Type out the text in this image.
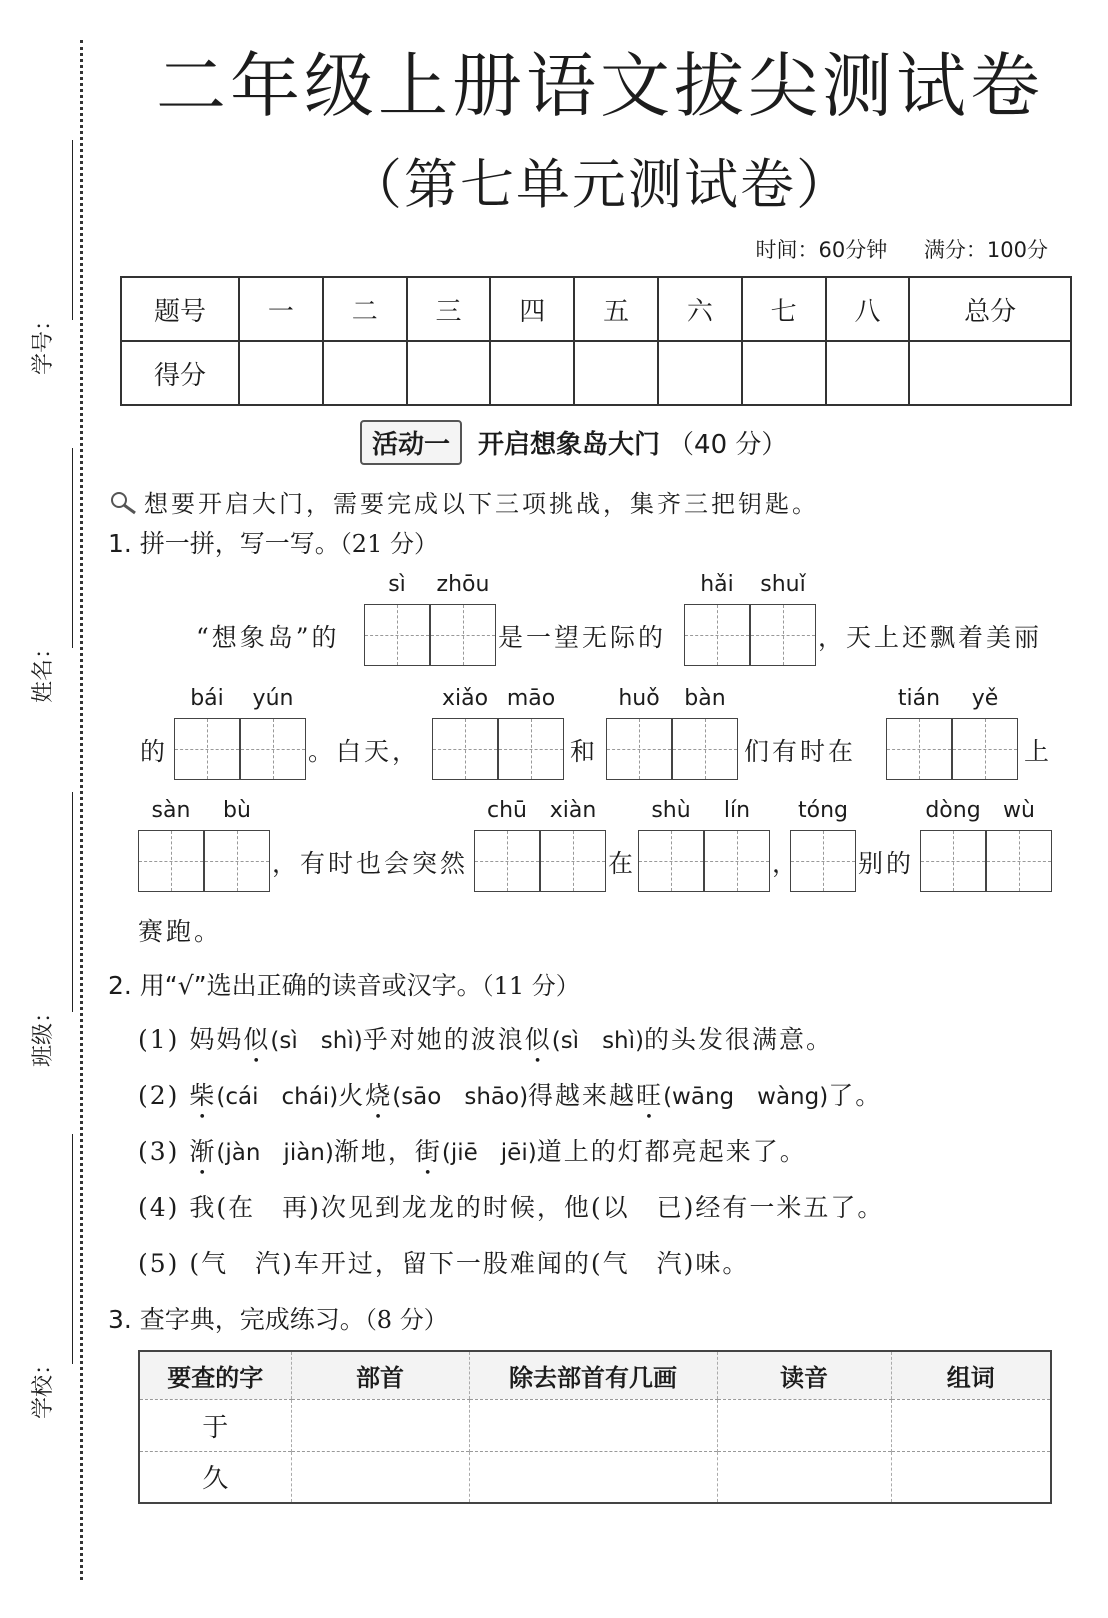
学号：
姓名：
班级：
学校：
二年级上册语文拔尖测试卷
（第七单元测试卷）
时间：60分钟 满分：100分
题号	一	二	三	四	五	六	七	八	总分
得分									
活动一	开启想象岛大门 （40 分）
想要开启大门，需要完成以下三项挑战，集齐三把钥匙。
1. 拼一拼，写一写。（21 分）
sì	zhōu	hǎi	shuǐ
“想象岛”的	是一望无际的	，天上还飘着美丽
bái	yún	xiǎo māo	huǒ	bàn	tián	yě
的	。白天，	和	们有时在	上
sàn	bù	chū	xiàn	shù	lín	tóng	dòng	wù
，有时也会突然	在	， 别的
赛跑。
2. 用“√”选出正确的读音或汉字。（11 分）
(1) 妈妈似(sì　shì)乎对她的波浪似(sì　shì)的头发很满意。
(2) 柴(cái　chái)火烧(sāo　shāo)得越来越旺(wāng　wàng)了。
(3) 渐(jàn　jiàn)渐地，街(jiē　jēi)道上的灯都亮起来了。
(4) 我(在　再)次见到龙龙的时候，他(以　已)经有一米五了。
(5) (气　汽)车开过，留下一股难闻的(气　汽)味。
3. 查字典，完成练习。（8 分）
要查的字	部首	除去部首有几画	读音	组词
于				
久				
